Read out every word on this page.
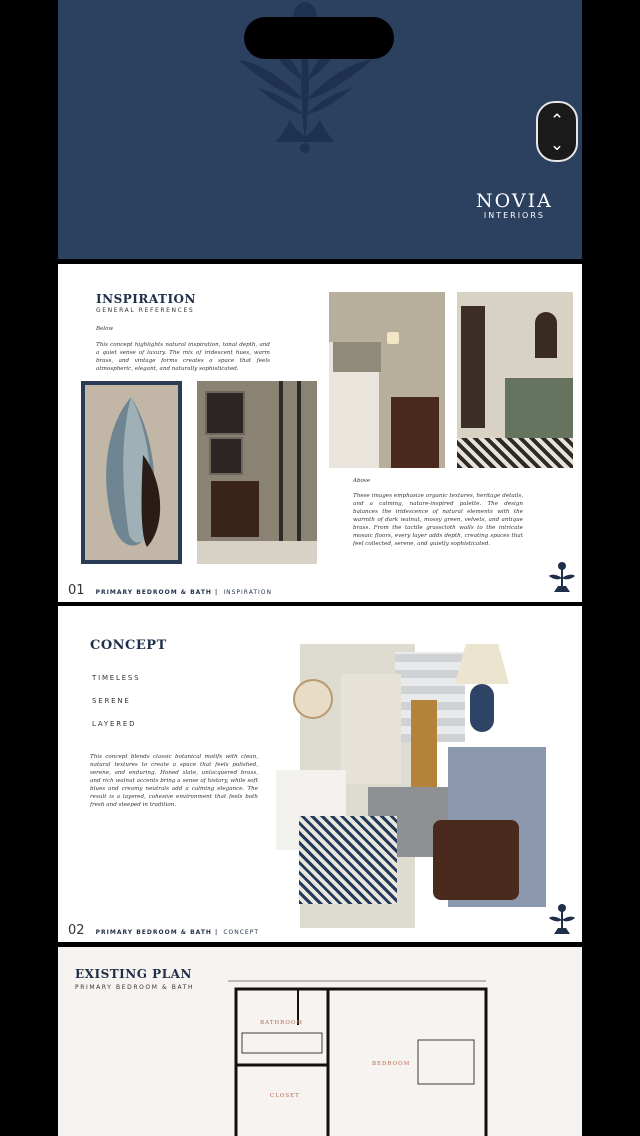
⌃
⌄
NOVIA
INTERIORS
INSPIRATION
GENERAL REFERENCES
Below
This concept highlights natural inspiration, tonal depth, and a quiet sense of luxury. The mix of iridescent hues, warm brass, and vintage forms creates a space that feels atmospheric, elegant, and naturally sophisticated.
Above
These images emphasize organic textures, heritage details, and a calming, nature-inspired palette. The design balances the iridescence of natural elements with the warmth of dark walnut, mossy green, velvets, and antique brass. From the tactile grasscloth walls to the intricate mosaic floors, every layer adds depth, creating spaces that feel collected, serene, and quietly sophisticated.
01 PRIMARY BEDROOM & BATH | INSPIRATION
CONCEPT
TIMELESS
SERENE
LAYERED
This concept blends classic botanical motifs with clean, natural textures to create a space that feels polished, serene, and enduring. Honed slate, unlacquered brass, and rich walnut accents bring a sense of history, while soft blues and creamy neutrals add a calming elegance. The result is a layered, cohesive environment that feels both fresh and steeped in tradition.
02 PRIMARY BEDROOM & BATH | CONCEPT
EXISTING PLAN
PRIMARY BEDROOM & BATH
BATHROOM
BEDROOM
CLOSET
